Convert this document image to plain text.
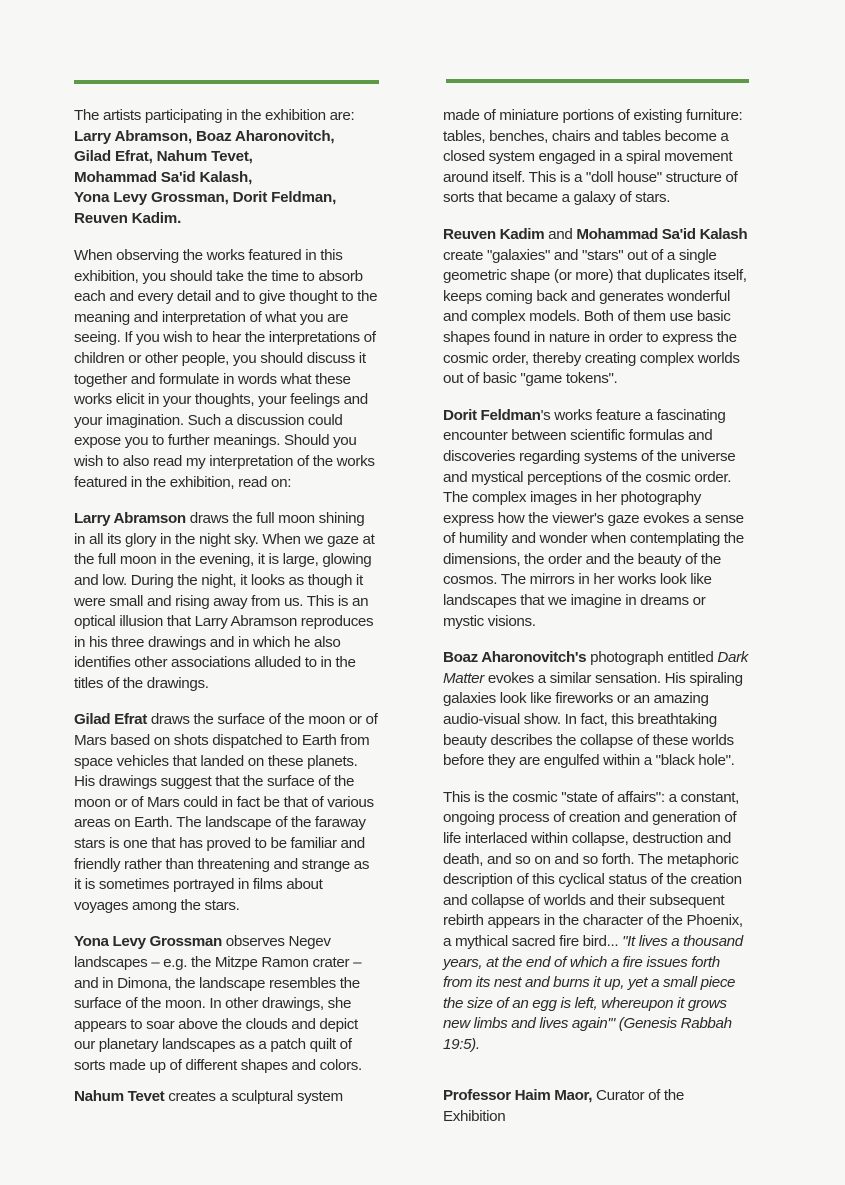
The artists participating in the exhibition are:

Larry Abramson, Boaz Aharonovitch,
Gilad Efrat, Nahum Tevet,
Mohammad Sa'id Kalash,
Yona Levy Grossman, Dorit Feldman,
Reuven Kadim.

When observing the works featured in this exhibition, you should take the time to absorb each and every detail and to give thought to the meaning and interpretation of what you are seeing. If you wish to hear the interpretations of children or other people, you should discuss it together and formulate in words what these works elicit in your thoughts, your feelings and your imagination. Such a discussion could expose you to further meanings. Should you wish to also read my interpretation of the works featured in the exhibition, read on:

Larry Abramson draws the full moon shining in all its glory in the night sky. When we gaze at the full moon in the evening, it is large, glowing and low. During the night, it looks as though it were small and rising away from us. This is an optical illusion that Larry Abramson reproduces in his three drawings and in which he also identifies other associations alluded to in the titles of the drawings.

Gilad Efrat draws the surface of the moon or of Mars based on shots dispatched to Earth from space vehicles that landed on these planets. His drawings suggest that the surface of the moon or of Mars could in fact be that of various areas on Earth. The landscape of the faraway stars is one that has proved to be familiar and friendly rather than threatening and strange as it is sometimes portrayed in films about voyages among the stars.

Yona Levy Grossman observes Negev landscapes – e.g. the Mitzpe Ramon crater – and in Dimona, the landscape resembles the surface of the moon. In other drawings, she appears to soar above the clouds and depict our planetary landscapes as a patch quilt of sorts made up of different shapes and colors.

Nahum Tevet creates a sculptural system

made of miniature portions of existing furniture: tables, benches, chairs and tables become a closed system engaged in a spiral movement around itself. This is a "doll house" structure of sorts that became a galaxy of stars.

Reuven Kadim and Mohammad Sa'id Kalash create "galaxies" and "stars" out of a single geometric shape (or more) that duplicates itself, keeps coming back and generates wonderful and complex models. Both of them use basic shapes found in nature in order to express the cosmic order, thereby creating complex worlds out of basic "game tokens".

Dorit Feldman's works feature a fascinating encounter between scientific formulas and discoveries regarding systems of the universe and mystical perceptions of the cosmic order. The complex images in her photography express how the viewer's gaze evokes a sense of humility and wonder when contemplating the dimensions, the order and the beauty of the cosmos. The mirrors in her works look like landscapes that we imagine in dreams or mystic visions.

Boaz Aharonovitch's photograph entitled Dark Matter evokes a similar sensation. His spiraling galaxies look like fireworks or an amazing audio-visual show. In fact, this breathtaking beauty describes the collapse of these worlds before they are engulfed within a "black hole".

This is the cosmic "state of affairs": a constant, ongoing process of creation and generation of life interlaced within collapse, destruction and death, and so on and so forth. The metaphoric description of this cyclical status of the creation and collapse of worlds and their subsequent rebirth appears in the character of the Phoenix, a mythical sacred fire bird... "It lives a thousand years, at the end of which a fire issues forth from its nest and burns it up, yet a small piece the size of an egg is left, whereupon it grows new limbs and lives again'" (Genesis Rabbah 19:5).

Professor Haim Maor, Curator of the Exhibition
